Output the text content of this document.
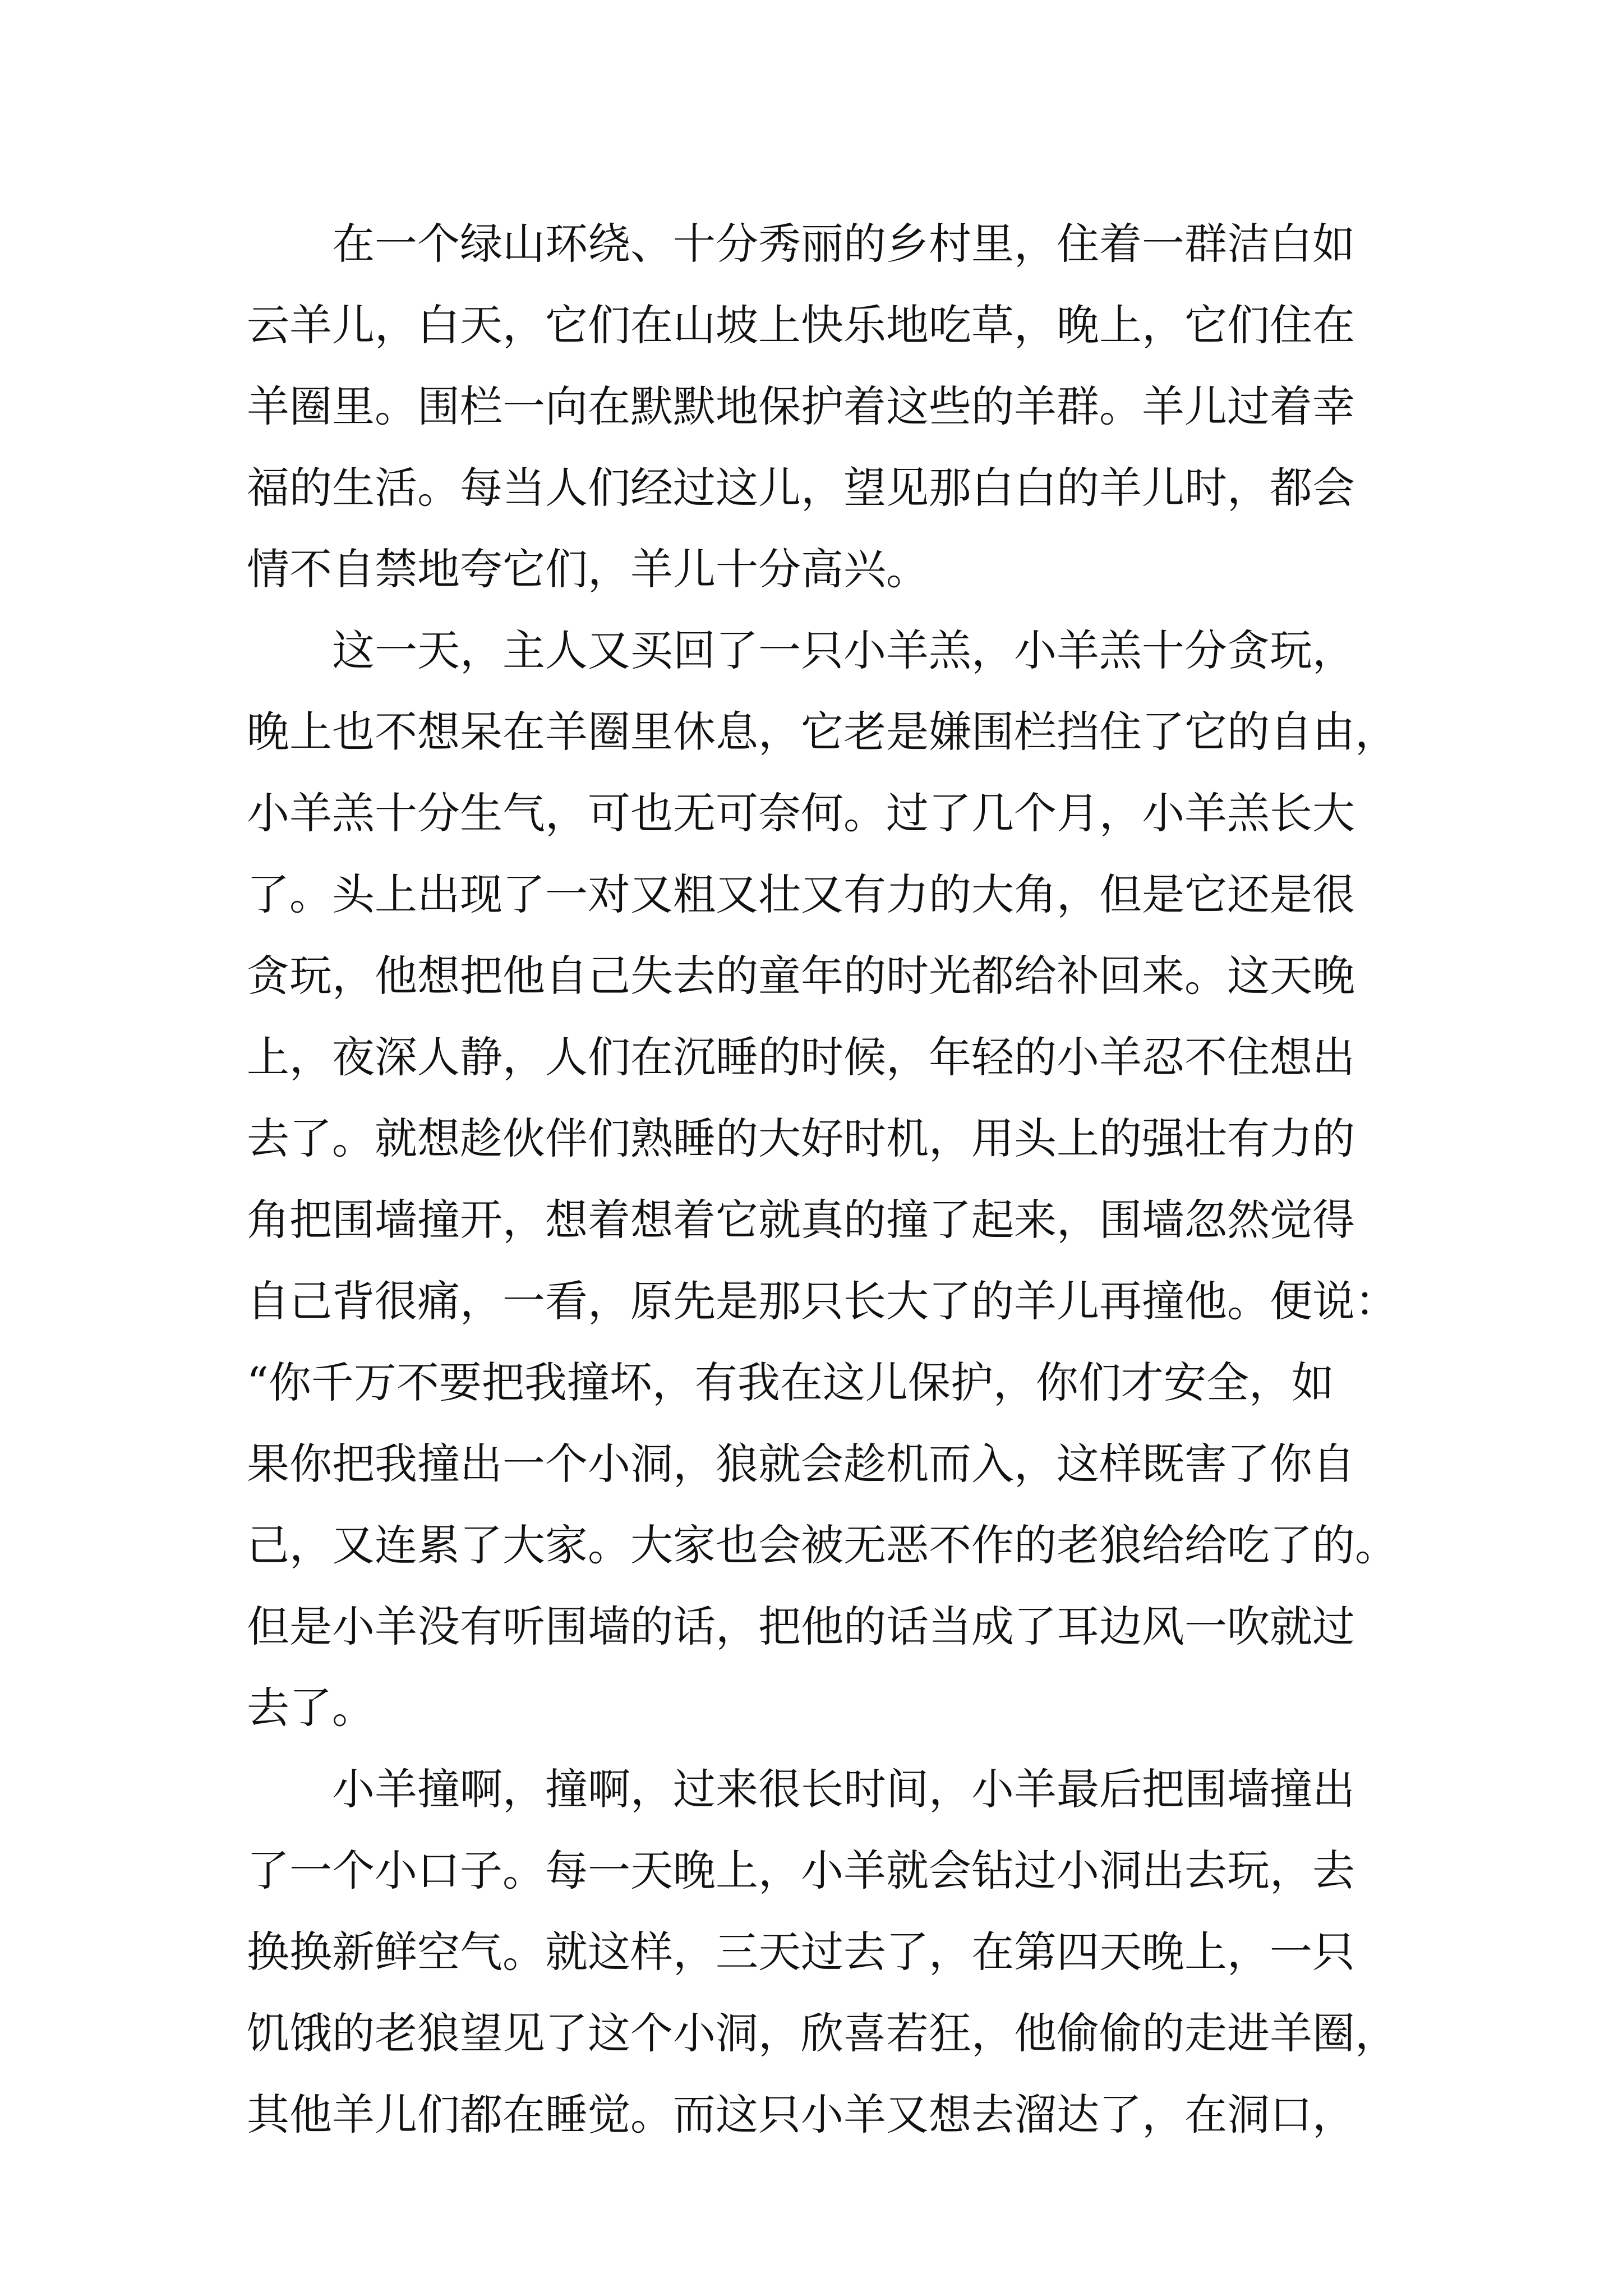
　　在一个绿山环绕、十分秀丽的乡村里，住着一群洁白如
云羊儿，白天，它们在山坡上快乐地吃草，晚上，它们住在
羊圈里。围栏一向在默默地保护着这些的羊群。羊儿过着幸
福的生活。每当人们经过这儿，望见那白白的羊儿时，都会
情不自禁地夸它们，羊儿十分高兴。
　　这一天，主人又买回了一只小羊羔，小羊羔十分贪玩，
晚上也不想呆在羊圈里休息，它老是嫌围栏挡住了它的自由，
小羊羔十分生气，可也无可奈何。过了几个月，小羊羔长大
了。头上出现了一对又粗又壮又有力的大角，但是它还是很
贪玩，他想把他自己失去的童年的时光都给补回来。这天晚
上，夜深人静，人们在沉睡的时候，年轻的小羊忍不住想出
去了。就想趁伙伴们熟睡的大好时机，用头上的强壮有力的
角把围墙撞开，想着想着它就真的撞了起来，围墙忽然觉得
自己背很痛，一看，原先是那只长大了的羊儿再撞他。便说：
“你千万不要把我撞坏，有我在这儿保护，你们才安全，如
果你把我撞出一个小洞，狼就会趁机而入，这样既害了你自
己，又连累了大家。大家也会被无恶不作的老狼给给吃了的。
但是小羊没有听围墙的话，把他的话当成了耳边风一吹就过
去了。
　　小羊撞啊，撞啊，过来很长时间，小羊最后把围墙撞出
了一个小口子。每一天晚上，小羊就会钻过小洞出去玩，去
换换新鲜空气。就这样，三天过去了，在第四天晚上，一只
饥饿的老狼望见了这个小洞，欣喜若狂，他偷偷的走进羊圈，
其他羊儿们都在睡觉。而这只小羊又想去溜达了，在洞口，
